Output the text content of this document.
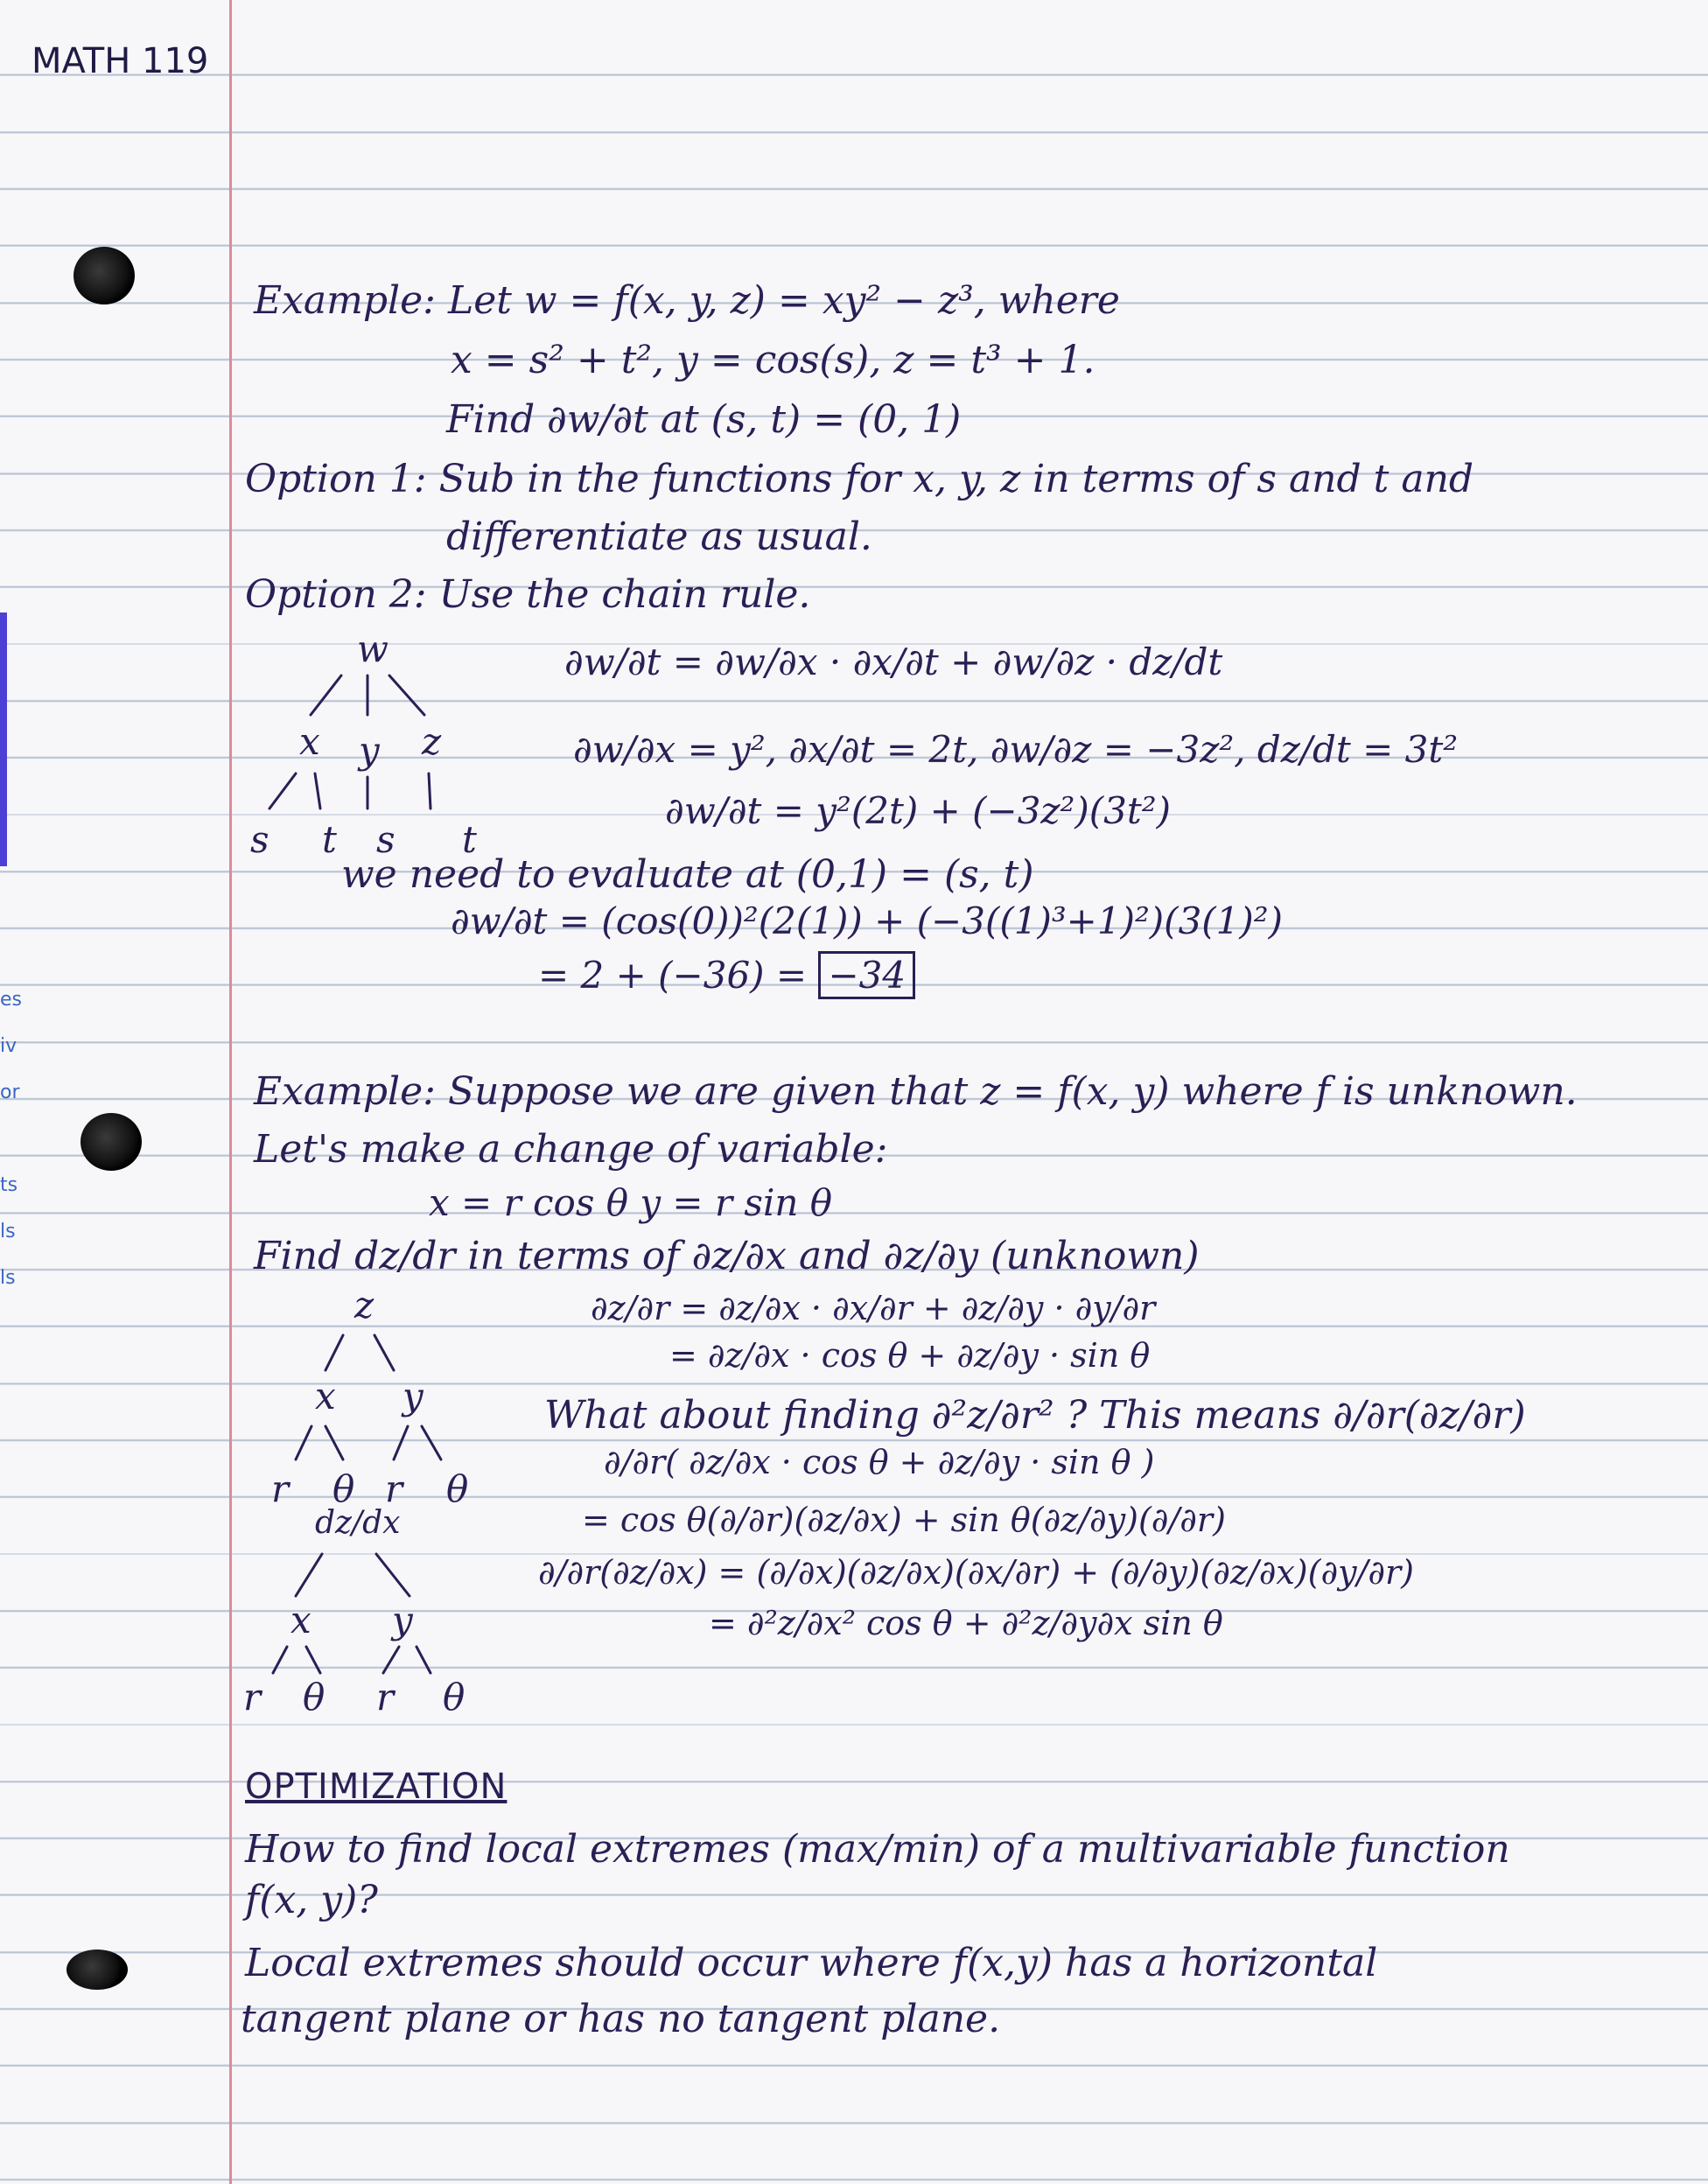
es
iv
or
ts
ls
ls
MATH 119
Example: Let w = f(x, y, z) = xy² − z³, where
x = s² + t², y = cos(s), z = t³ + 1.
Find ∂w/∂t at (s, t) = (0, 1)
Option 1: Sub in the functions for x, y, z in terms of s and t and
differentiate as usual.
Option 2: Use the chain rule.
w
x y z
s t s t
∂w/∂t = ∂w/∂x · ∂x/∂t + ∂w/∂z · dz/dt
∂w/∂x = y², ∂x/∂t = 2t, ∂w/∂z = −3z², dz/dt = 3t²
∂w/∂t = y²(2t) + (−3z²)(3t²)
we need to evaluate at (0,1) = (s, t)
∂w/∂t = (cos(0))²(2(1)) + (−3((1)³+1)²)(3(1)²)
= 2 + (−36) = −34
Example: Suppose we are given that z = f(x, y) where f is unknown.
Let's make a change of variable:
x = r cos θ y = r sin θ
Find dz/dr in terms of ∂z/∂x and ∂z/∂y (unknown)
z
x y
r θ r θ
∂z/∂r = ∂z/∂x · ∂x/∂r + ∂z/∂y · ∂y/∂r
= ∂z/∂x · cos θ + ∂z/∂y · sin θ
What about finding ∂²z/∂r² ? This means ∂/∂r(∂z/∂r)
∂/∂r( ∂z/∂x · cos θ + ∂z/∂y · sin θ )
dz/dx
x y
r θ r θ
= cos θ(∂/∂r)(∂z/∂x) + sin θ(∂z/∂y)(∂/∂r)
∂/∂r(∂z/∂x) = (∂/∂x)(∂z/∂x)(∂x/∂r) + (∂/∂y)(∂z/∂x)(∂y/∂r)
= ∂²z/∂x² cos θ + ∂²z/∂y∂x sin θ
OPTIMIZATION
How to find local extremes (max/min) of a multivariable function
f(x, y)?
Local extremes should occur where f(x,y) has a horizontal
tangent plane or has no tangent plane.
